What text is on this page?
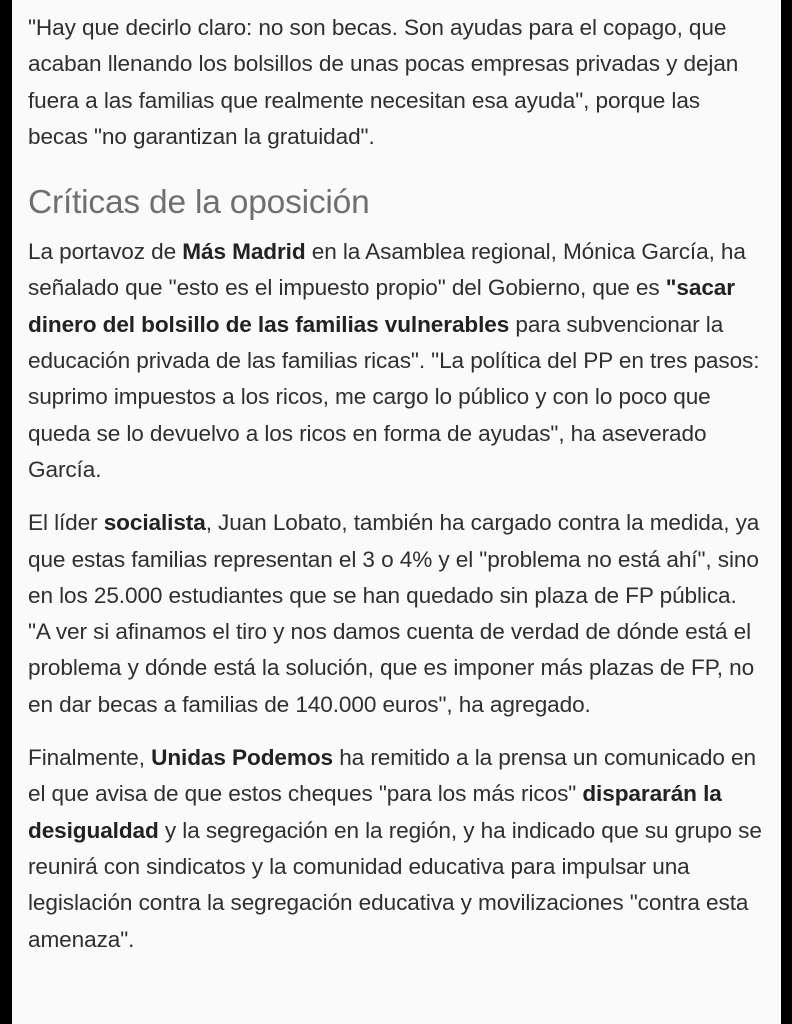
"Hay que decirlo claro: no son becas. Son ayudas para el copago, que acaban llenando los bolsillos de unas pocas empresas privadas y dejan fuera a las familias que realmente necesitan esa ayuda", porque las becas "no garantizan la gratuidad".

Críticas de la oposición

La portavoz de Más Madrid en la Asamblea regional, Mónica García, ha señalado que "esto es el impuesto propio" del Gobierno, que es "sacar dinero del bolsillo de las familias vulnerables para subvencionar la educación privada de las familias ricas". "La política del PP en tres pasos: suprimo impuestos a los ricos, me cargo lo público y con lo poco que queda se lo devuelvo a los ricos en forma de ayudas", ha aseverado García.

El líder socialista, Juan Lobato, también ha cargado contra la medida, ya que estas familias representan el 3 o 4% y el "problema no está ahí", sino en los 25.000 estudiantes que se han quedado sin plaza de FP pública. "A ver si afinamos el tiro y nos damos cuenta de verdad de dónde está el problema y dónde está la solución, que es imponer más plazas de FP, no en dar becas a familias de 140.000 euros", ha agregado.

Finalmente, Unidas Podemos ha remitido a la prensa un comunicado en el que avisa de que estos cheques "para los más ricos" dispararán la desigualdad y la segregación en la región, y ha indicado que su grupo se reunirá con sindicatos y la comunidad educativa para impulsar una legislación contra la segregación educativa y movilizaciones "contra esta amenaza".
